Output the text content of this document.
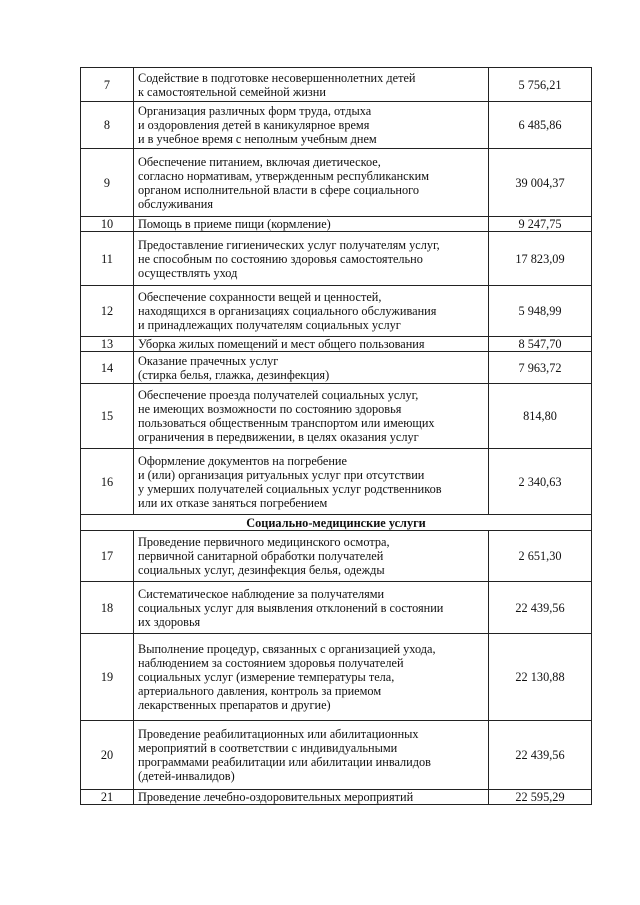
7	Содействие в подготовке несовершеннолетних детей
к самостоятельной семейной жизни	5 756,21
8	Организация различных форм труда, отдыха
и оздоровления детей в каникулярное время
и в учебное время с неполным учебным днем	6 485,86
9	Обеспечение питанием, включая диетическое,
согласно нормативам, утвержденным республиканским
органом исполнительной власти в сфере социального
обслуживания	39 004,37
10	Помощь в приеме пищи (кормление)	9 247,75
11	Предоставление гигиенических услуг получателям услуг,
не способным по состоянию здоровья самостоятельно
осуществлять уход	17 823,09
12	Обеспечение сохранности вещей и ценностей,
находящихся в организациях социального обслуживания
и принадлежащих получателям социальных услуг	5 948,99
13	Уборка жилых помещений и мест общего пользования	8 547,70
14	Оказание прачечных услуг
(стирка белья, глажка, дезинфекция)	7 963,72
15	Обеспечение проезда получателей социальных услуг,
не имеющих возможности по состоянию здоровья
пользоваться общественным транспортом или имеющих
ограничения в передвижении, в целях оказания услуг	814,80
16	Оформление документов на погребение
и (или) организация ритуальных услуг при отсутствии
у умерших получателей социальных услуг родственников
или их отказе заняться погребением	2 340,63
Социально-медицинские услуги		
17	Проведение первичного медицинского осмотра,
первичной санитарной обработки получателей
социальных услуг, дезинфекция белья, одежды	2 651,30
18	Систематическое наблюдение за получателями
социальных услуг для выявления отклонений в состоянии
их здоровья	22 439,56
19	Выполнение процедур, связанных с организацией ухода,
наблюдением за состоянием здоровья получателей
социальных услуг (измерение температуры тела,
артериального давления, контроль за приемом
лекарственных препаратов и другие)	22 130,88
20	Проведение реабилитационных или абилитационных
мероприятий в соответствии с индивидуальными
программами реабилитации или абилитации инвалидов
(детей-инвалидов)	22 439,56
21	Проведение лечебно-оздоровительных мероприятий	22 595,29
